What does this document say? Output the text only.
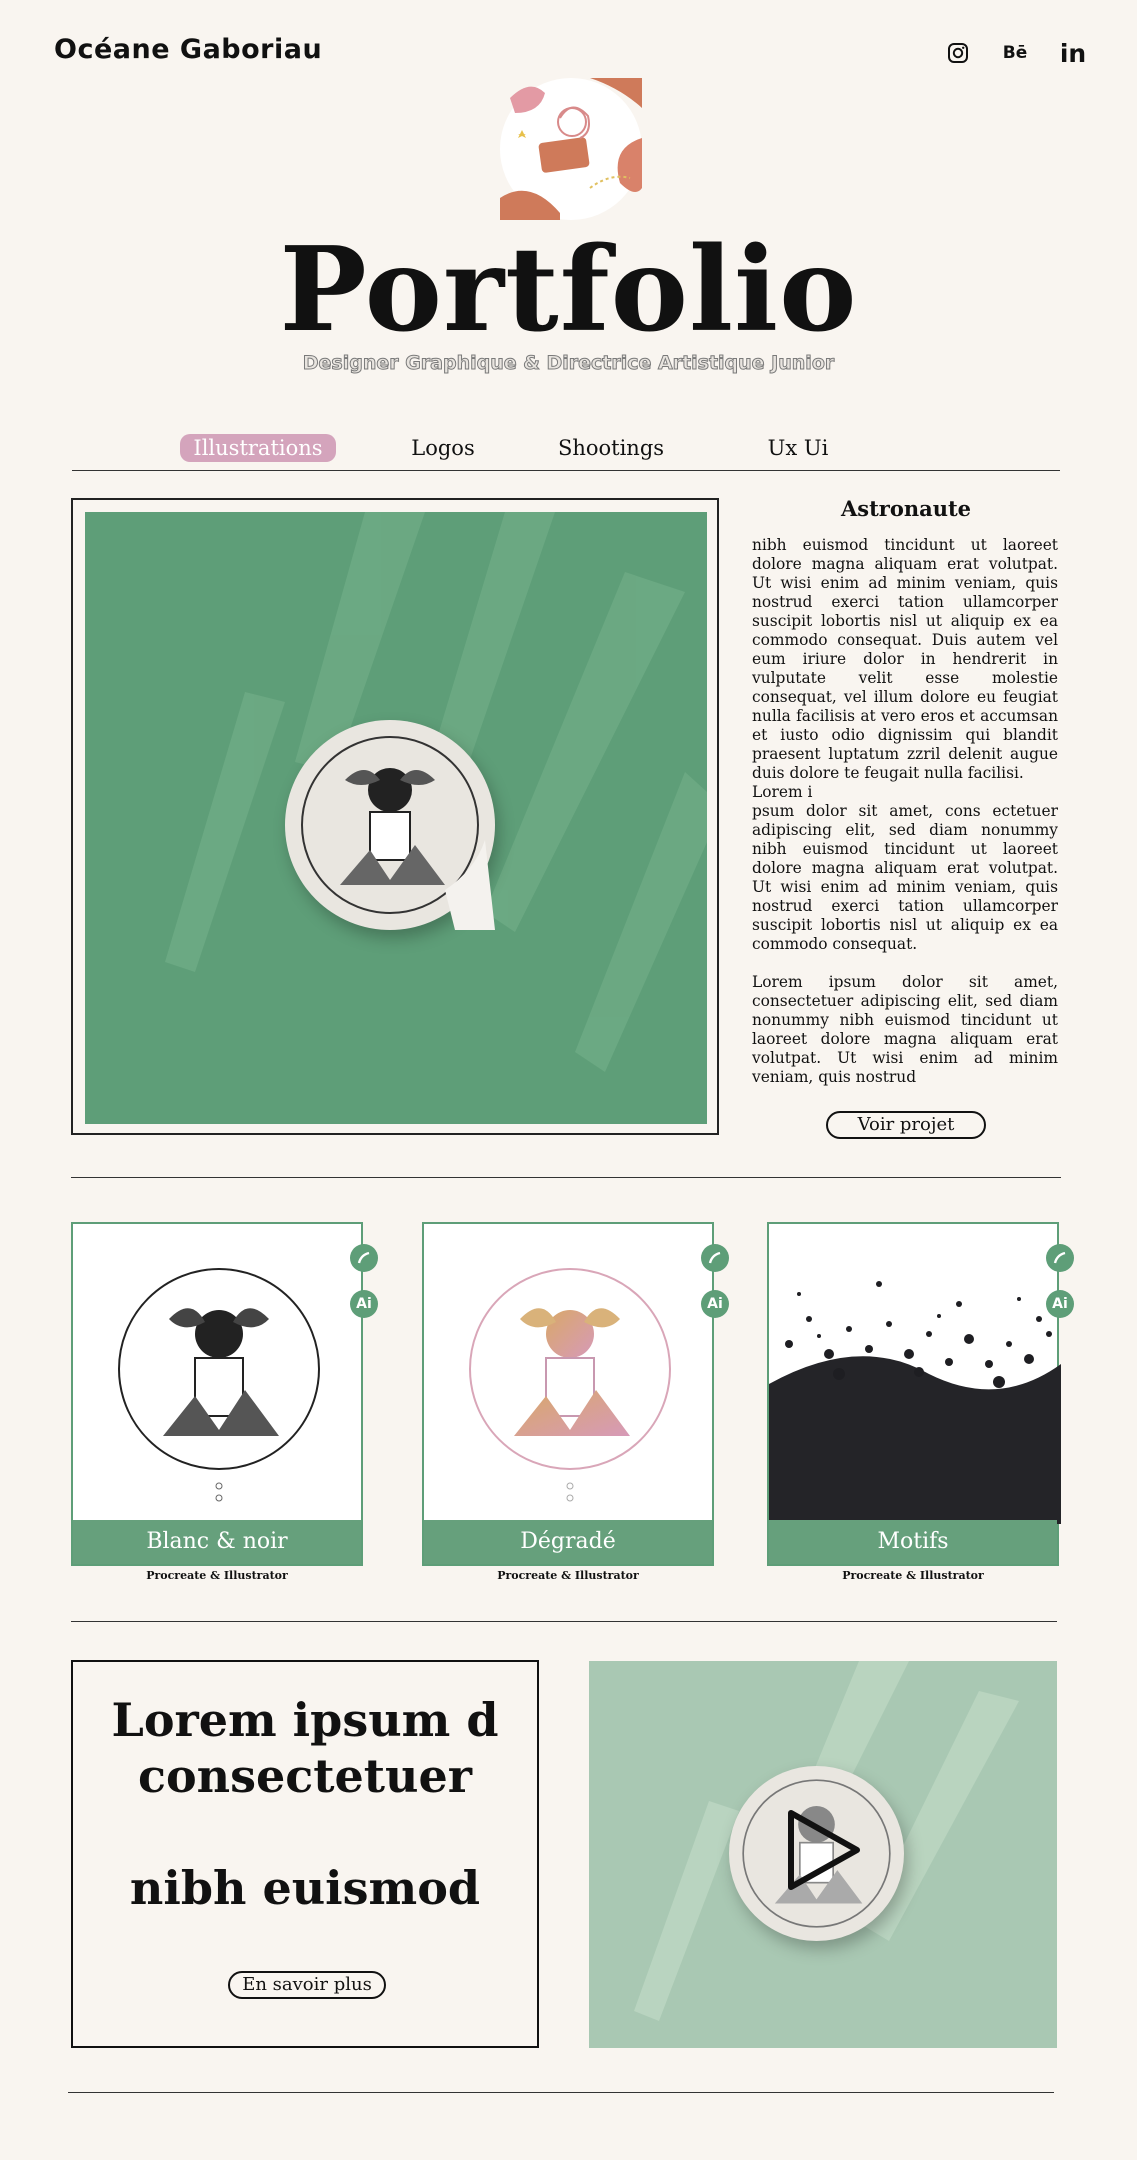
Océane Gaboriau	Bē in
Portfolio
Designer Graphique & Directrice Artistique Junior
Illustrations	Logos	Shootings	Ux Ui
Astronaute
nibh euismod tincidunt ut laoreet dolore magna aliquam erat volutpat. Ut wisi enim ad minim veniam, quis nostrud exerci tation ullamcorper suscipit lobortis nisl ut aliquip ex ea commodo consequat. Duis autem vel eum iriure dolor in hendrerit in vulputate velit esse molestie consequat, vel illum dolore eu feugiat nulla facilisis at vero eros et accumsan et iusto odio dignissim qui blandit praesent luptatum zzril delenit augue duis dolore te feugait nulla facilisi.
Lorem i
psum dolor sit amet, cons ectetuer adipiscing elit, sed diam nonummy nibh euismod tincidunt ut laoreet dolore magna aliquam erat volutpat. Ut wisi enim ad minim veniam, quis nostrud exerci tation ullamcorper suscipit lobortis nisl ut aliquip ex ea commodo consequat.

Lorem ipsum dolor sit amet, consectetuer adipiscing elit, sed diam nonummy nibh euismod tincidunt ut laoreet dolore magna aliquam erat volutpat. Ut wisi enim ad minim veniam, quis nostrud
Voir projet
Ai
Blanc & noir
Procreate & Illustrator
Ai
Dégradé
Procreate & Illustrator
Ai
Motifs
Procreate & Illustrator
Lorem ipsum d
consectetuer

nibh euismod
En savoir plus
